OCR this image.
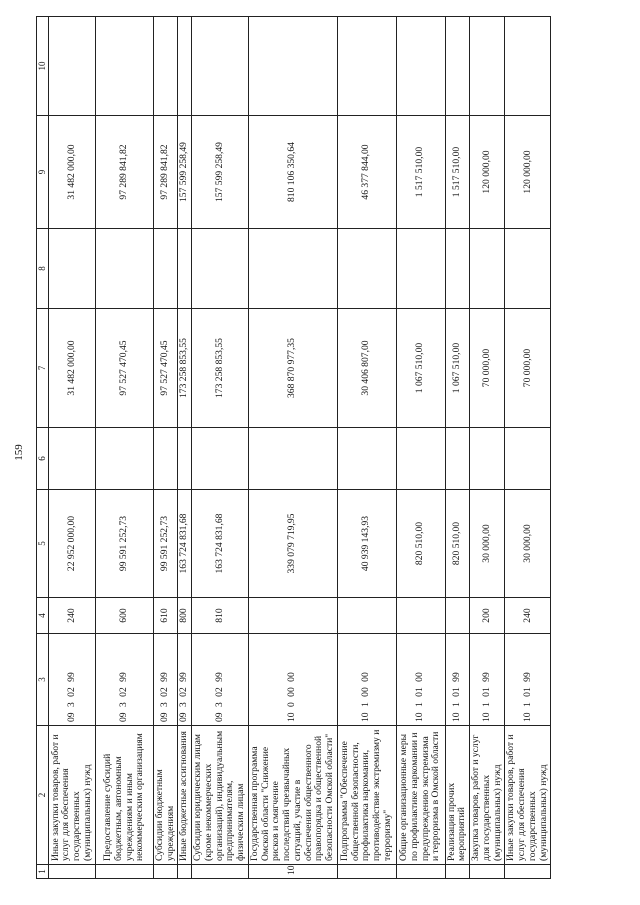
159
1	2	3	4	5	6	7	8	9	10
	Иные закупки товаров, работ и услуг для обеспечения государственных (муниципальных) нужд	09 3 02 99	240	22 952 000,00		31 482 000,00		31 482 000,00	
	Предоставление субсидий бюджетным, автономным учреждениям и иным некоммерческим организациям	09 3 02 99	600	99 591 252,73		97 527 470,45		97 289 841,82	
	Субсидии бюджетным учреждениям	09 3 02 99	610	99 591 252,73		97 527 470,45		97 289 841,82	
	Иные бюджетные ассигнования	09 3 02 99	800	163 724 831,68		173 258 853,55		157 599 258,49	
	Субсидии юридическим лицам (кроме некоммерческих организаций), индивидуальным предпринимателям, физическим лицам	09 3 02 99	810	163 724 831,68		173 258 853,55		157 599 258,49	
10	Государственная программа Омской области "Снижение рисков и смягчение последствий чрезвычайных ситуаций, участие в обеспечении общественного правопорядка и общественной безопасности Омской области"	10 0 00 00		339 079 719,95		368 870 977,35		810 106 350,64	
	Подпрограмма "Обеспечение общественной безопасности, профилактика наркомании, противодействие экстремизму и терроризму"	10 1 00 00		40 939 143,93		30 406 807,00		46 377 844,00	
	Общие организационные меры по профилактике наркомании и предупреждению экстремизма и терроризма в Омской области	10 1 01 00		820 510,00		1 067 510,00		1 517 510,00	
	Реализация прочих мероприятий	10 1 01 99		820 510,00		1 067 510,00		1 517 510,00	
	Закупка товаров, работ и услуг для государственных (муниципальных) нужд	10 1 01 99	200	30 000,00		70 000,00		120 000,00	
	Иные закупки товаров, работ и услуг для обеспечения государственных (муниципальных) нужд	10 1 01 99	240	30 000,00		70 000,00		120 000,00	
